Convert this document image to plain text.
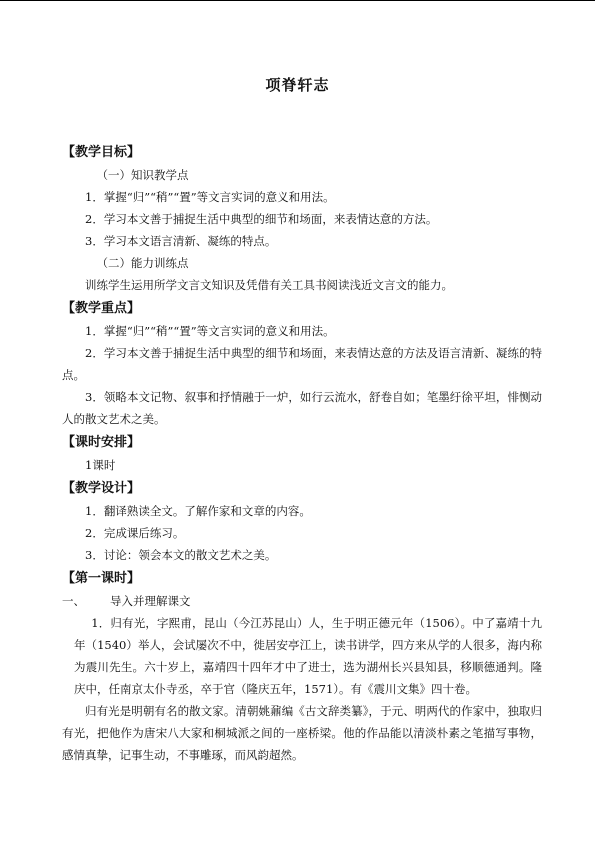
项脊轩志
【教学目标】
（一）知识教学点
1．掌握“归”“稍”“置”等文言实词的意义和用法。
2．学习本文善于捕捉生活中典型的细节和场面，来表情达意的方法。
3．学习本文语言清新、凝练的特点。
（二）能力训练点
训练学生运用所学文言文知识及凭借有关工具书阅读浅近文言文的能力。
【教学重点】
1．掌握“归”“稍”“置”等文言实词的意义和用法。
2．学习本文善于捕捉生活中典型的细节和场面，来表情达意的方法及语言清新、凝练的特点。
3．领略本文记物、叙事和抒情融于一炉，如行云流水，舒卷自如；笔墨纡徐平坦，悱恻动人的散文艺术之美。
【课时安排】
1课时
【教学设计】
1．翻译熟读全文。了解作家和文章的内容。
2．完成课后练习。
3．讨论：领会本文的散文艺术之美。
【第一课时】
一、 导入并理解课文
1．归有光，字熙甫，昆山（今江苏昆山）人，生于明正德元年（1506）。中了嘉靖十九年（1540）举人，会试屡次不中，徙居安亭江上，读书讲学，四方来从学的人很多，海内称为震川先生。六十岁上，嘉靖四十四年才中了进士，选为湖州长兴县知县，移顺德通判。隆庆中，任南京太仆寺丞，卒于官（隆庆五年，1571）。有《震川文集》四十卷。
归有光是明朝有名的散文家。清朝姚鼐编《古文辞类纂》，于元、明两代的作家中，独取归有光，把他作为唐宋八大家和桐城派之间的一座桥梁。他的作品能以清淡朴素之笔描写事物，感情真挚，记事生动，不事雕琢，而风韵超然。
